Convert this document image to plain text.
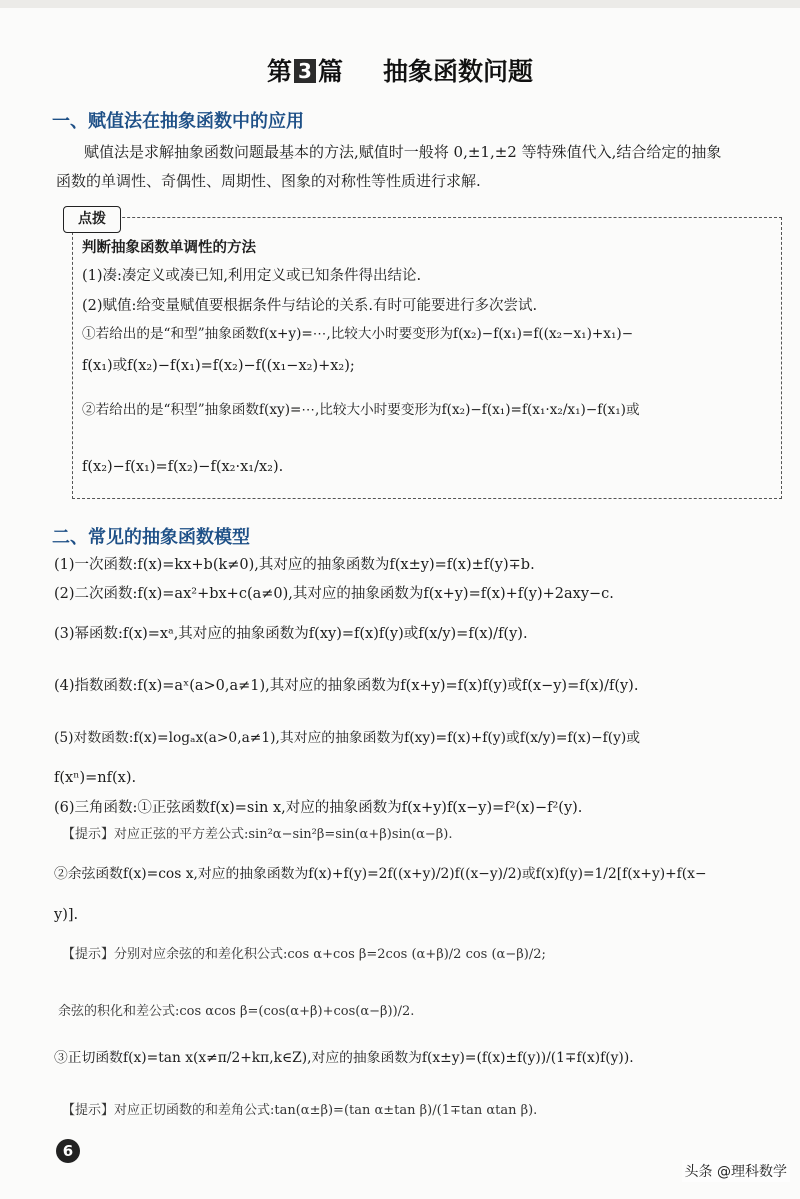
第 3 篇 抽象函数问题
一、赋值法在抽象函数中的应用
赋值法是求解抽象函数问题最基本的方法,赋值时一般将 0,±1,±2 等特殊值代入,结合给定的抽象
函数的单调性、奇偶性、周期性、图象的对称性等性质进行求解.
点拨
判断抽象函数单调性的方法
(1)凑:凑定义或凑已知,利用定义或已知条件得出结论.
(2)赋值:给变量赋值要根据条件与结论的关系.有时可能要进行多次尝试.
①若给出的是“和型”抽象函数f(x+y)=⋯,比较大小时要变形为f(x₂)−f(x₁)=f((x₂−x₁)+x₁)−
f(x₁)或f(x₂)−f(x₁)=f(x₂)−f((x₁−x₂)+x₂);
②若给出的是“积型”抽象函数f(xy)=⋯,比较大小时要变形为f(x₂)−f(x₁)=f(x₁·x₂/x₁)−f(x₁)或
f(x₂)−f(x₁)=f(x₂)−f(x₂·x₁/x₂).
二、常见的抽象函数模型
(1)一次函数:f(x)=kx+b(k≠0),其对应的抽象函数为f(x±y)=f(x)±f(y)∓b.
(2)二次函数:f(x)=ax²+bx+c(a≠0),其对应的抽象函数为f(x+y)=f(x)+f(y)+2axy−c.
(3)幂函数:f(x)=xᵃ,其对应的抽象函数为f(xy)=f(x)f(y)或f(x/y)=f(x)/f(y).
(4)指数函数:f(x)=aˣ(a>0,a≠1),其对应的抽象函数为f(x+y)=f(x)f(y)或f(x−y)=f(x)/f(y).
(5)对数函数:f(x)=logₐx(a>0,a≠1),其对应的抽象函数为f(xy)=f(x)+f(y)或f(x/y)=f(x)−f(y)或
f(xⁿ)=nf(x).
(6)三角函数:①正弦函数f(x)=sin x,对应的抽象函数为f(x+y)f(x−y)=f²(x)−f²(y).
【提示】对应正弦的平方差公式:sin²α−sin²β=sin(α+β)sin(α−β).
②余弦函数f(x)=cos x,对应的抽象函数为f(x)+f(y)=2f((x+y)/2)f((x−y)/2)或f(x)f(y)=1/2[f(x+y)+f(x−
y)].
【提示】分别对应余弦的和差化积公式:cos α+cos β=2cos (α+β)/2 cos (α−β)/2;
余弦的积化和差公式:cos αcos β=(cos(α+β)+cos(α−β))/2.
③正切函数f(x)=tan x(x≠π/2+kπ,k∈Z),对应的抽象函数为f(x±y)=(f(x)±f(y))/(1∓f(x)f(y)).
【提示】对应正切函数的和差角公式:tan(α±β)=(tan α±tan β)/(1∓tan αtan β).
6
头条 @理科数学
